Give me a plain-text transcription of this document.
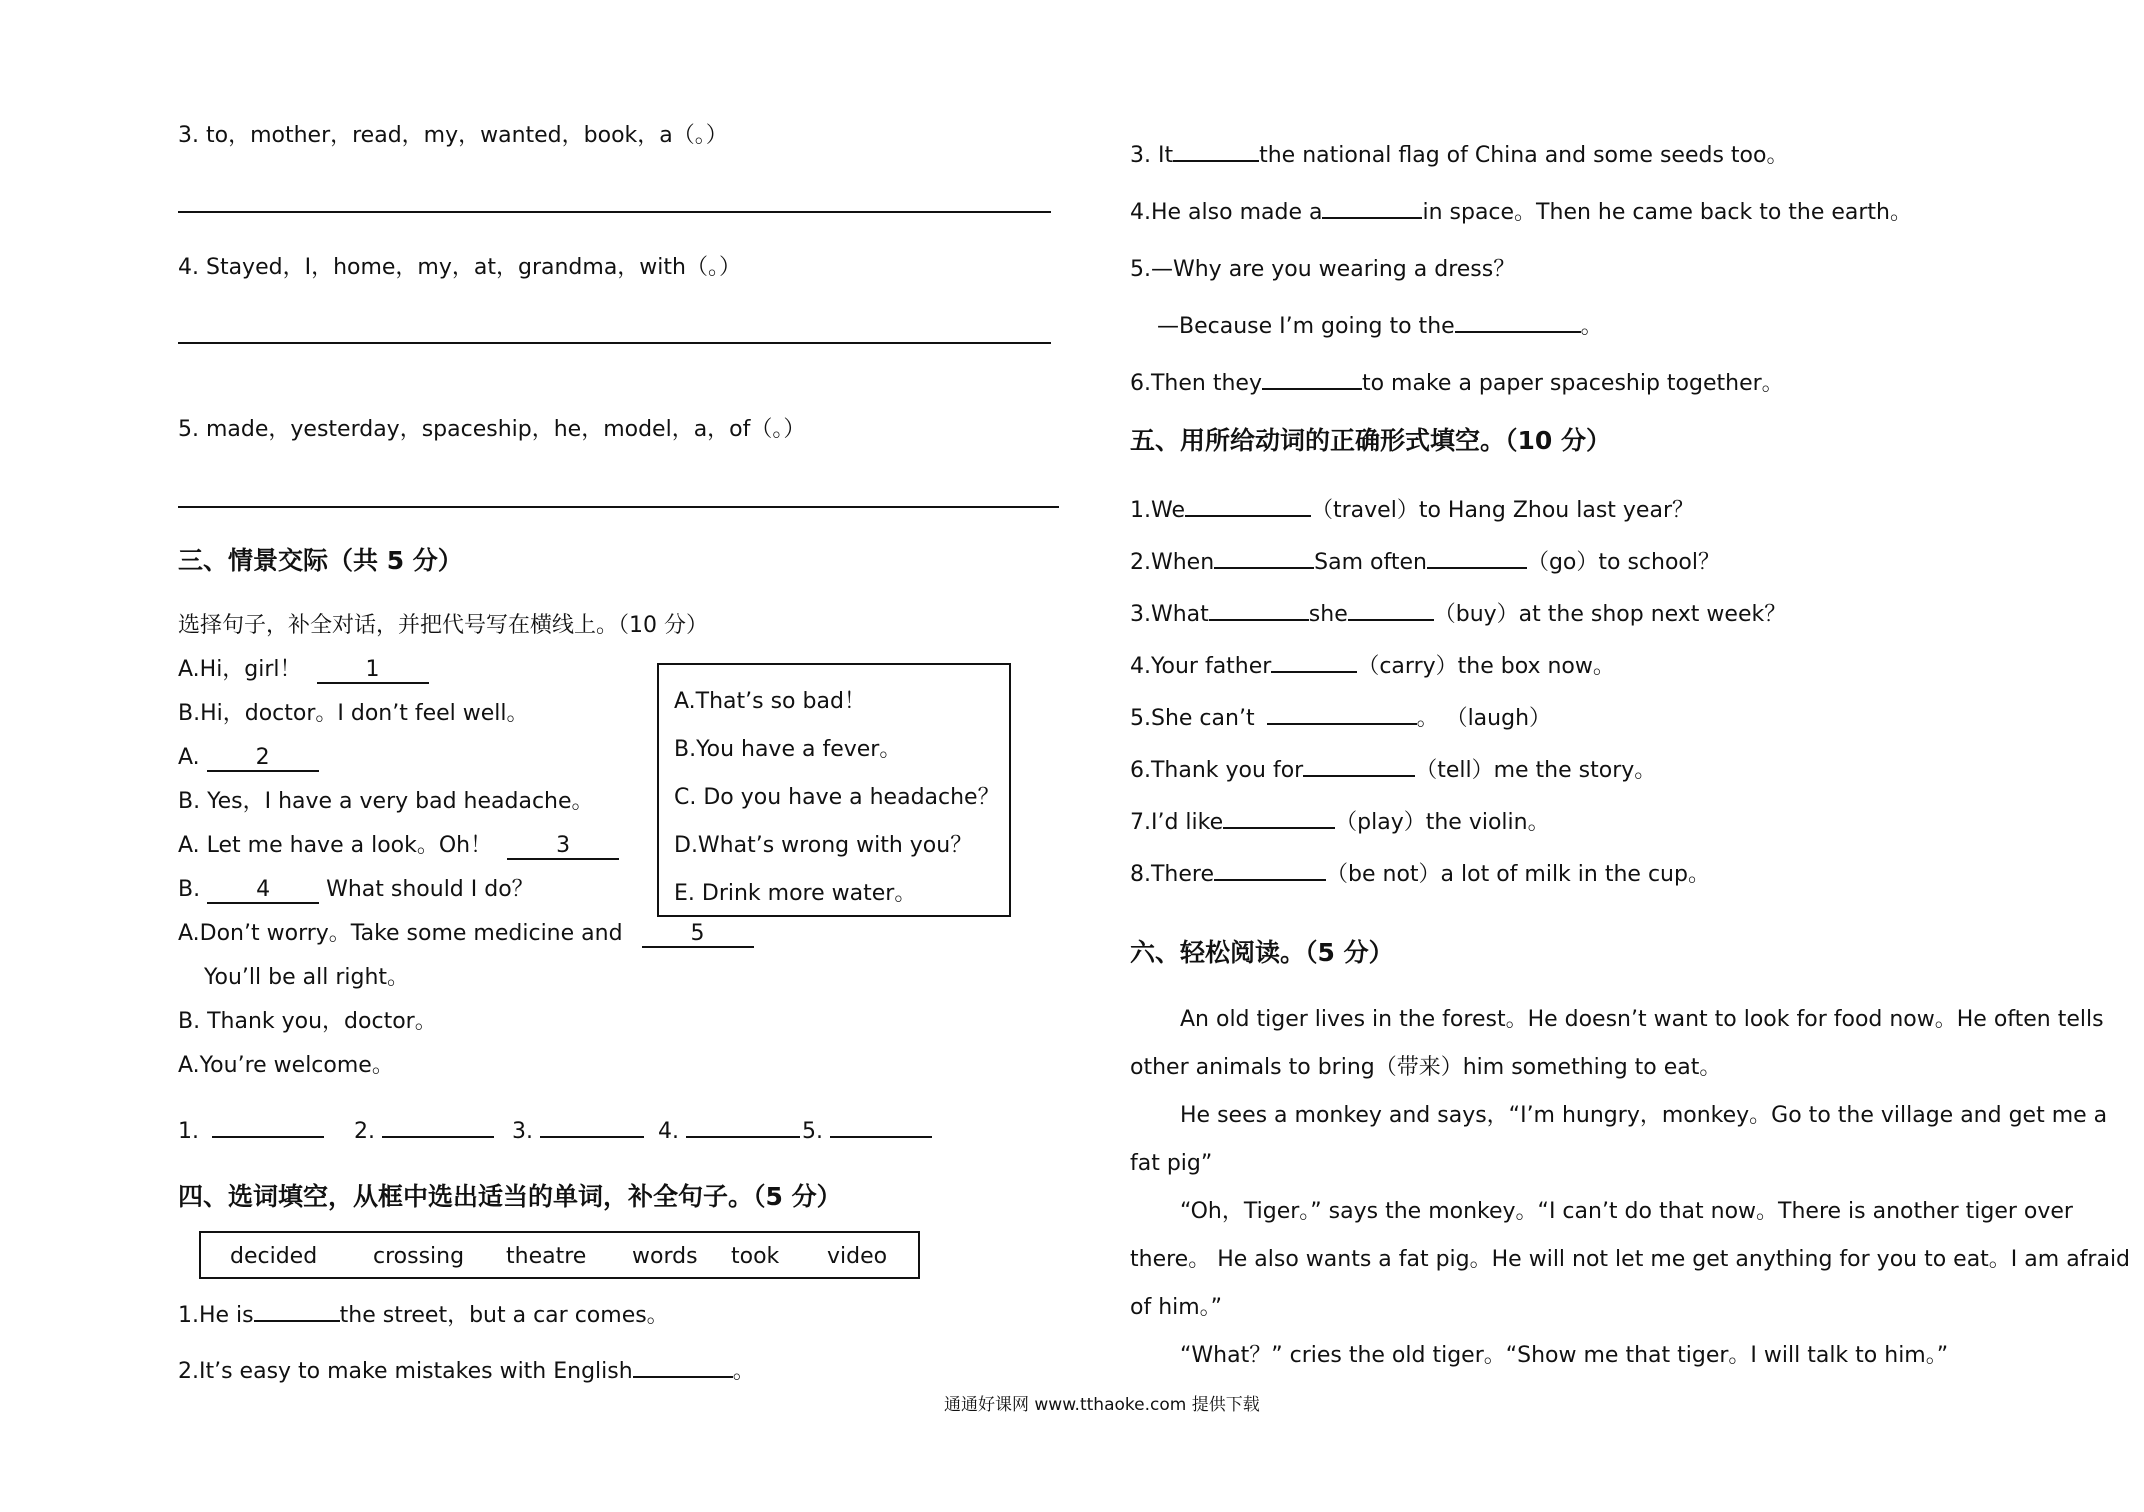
3. to，mother，read，my，wanted，book，a（。）
4. Stayed，I，home，my，at，grandma，with（。）
5. made，yesterday，spaceship，he，model，a，of（。）
三、情景交际（共 5 分）
选择句子，补全对话，并把代号写在横线上。（10 分）
A.Hi，girl！	1
B.Hi，doctor。I don’t feel well。
A.	2
B. Yes，I have a very bad headache。
A. Let me have a look。Oh！	3
B.	4	What should I do？
A.Don’t worry。Take some medicine and	5
You’ll be all right。
B. Thank you，doctor。
A.You’re welcome。
A.That’s so bad！
B.You have a fever。
C. Do you have a headache？
D.What’s wrong with you？
E. Drink more water。
1.	2.	3.	4.	5.
四、选词填空，从框中选出适当的单词，补全句子。（5 分）
decided	crossing theatre words took video
1.He is	the street，but a car comes。
2.It’s easy to make mistakes with English	。
3. It	the national flag of China and some seeds too。
4.He also made a	in space。Then he came back to the earth。
5.—Why are you wearing a dress？
—Because I’m going to the	。
6.Then they	to make a paper spaceship together。
五、用所给动词的正确形式填空。（10 分）
1.We	（travel）to Hang Zhou last year？
2.When	Sam often	（go）to school？
3.What	she	（buy）at the shop next week？
4.Your father	（carry）the box now。
5.She can’t	。 （laugh）
6.Thank you for	（tell）me the story。
7.I’d like	（play）the violin。
8.There	（be not）a lot of milk in the cup。
六、轻松阅读。（5 分）
An old tiger lives in the forest。He doesn’t want to look for food now。He often tells
other animals to bring（带来）him something to eat。
He sees a monkey and says，“I’m hungry，monkey。Go to the village and get me a
fat pig”
“Oh，Tiger。” says the monkey。“I can’t do that now。There is another tiger over
there。 He also wants a fat pig。He will not let me get anything for you to eat。I am afraid
of him。”
“What？” cries the old tiger。“Show me that tiger。I will talk to him。”
通通好课网 www.tthaoke.com 提供下载
